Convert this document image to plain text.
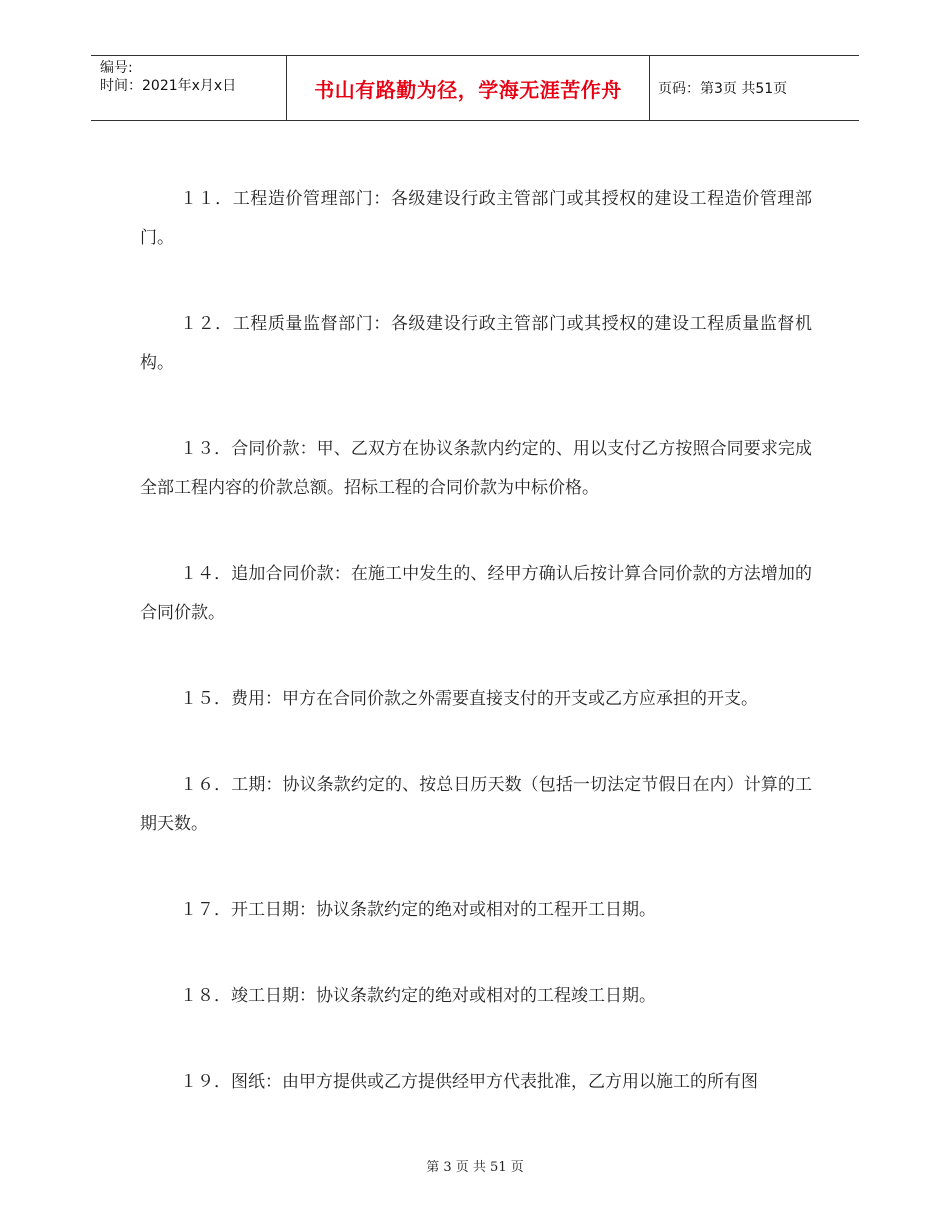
编号:
时间：2021年x月x日	书山有路勤为径，学海无涯苦作舟	页码：第3页 共51页

１１．工程造价管理部门：各级建设行政主管部门或其授权的建设工程造价管理部门。

１２．工程质量监督部门：各级建设行政主管部门或其授权的建设工程质量监督机构。

１３．合同价款：甲、乙双方在协议条款内约定的、用以支付乙方按照合同要求完成全部工程内容的价款总额。招标工程的合同价款为中标价格。

１４．追加合同价款：在施工中发生的、经甲方确认后按计算合同价款的方法增加的合同价款。

１５．费用：甲方在合同价款之外需要直接支付的开支或乙方应承担的开支。

１６．工期：协议条款约定的、按总日历天数（包括一切法定节假日在内）计算的工期天数。

１７．开工日期：协议条款约定的绝对或相对的工程开工日期。

１８．竣工日期：协议条款约定的绝对或相对的工程竣工日期。

１９．图纸：由甲方提供或乙方提供经甲方代表批准，乙方用以施工的所有图

第 3 页 共 51 页
